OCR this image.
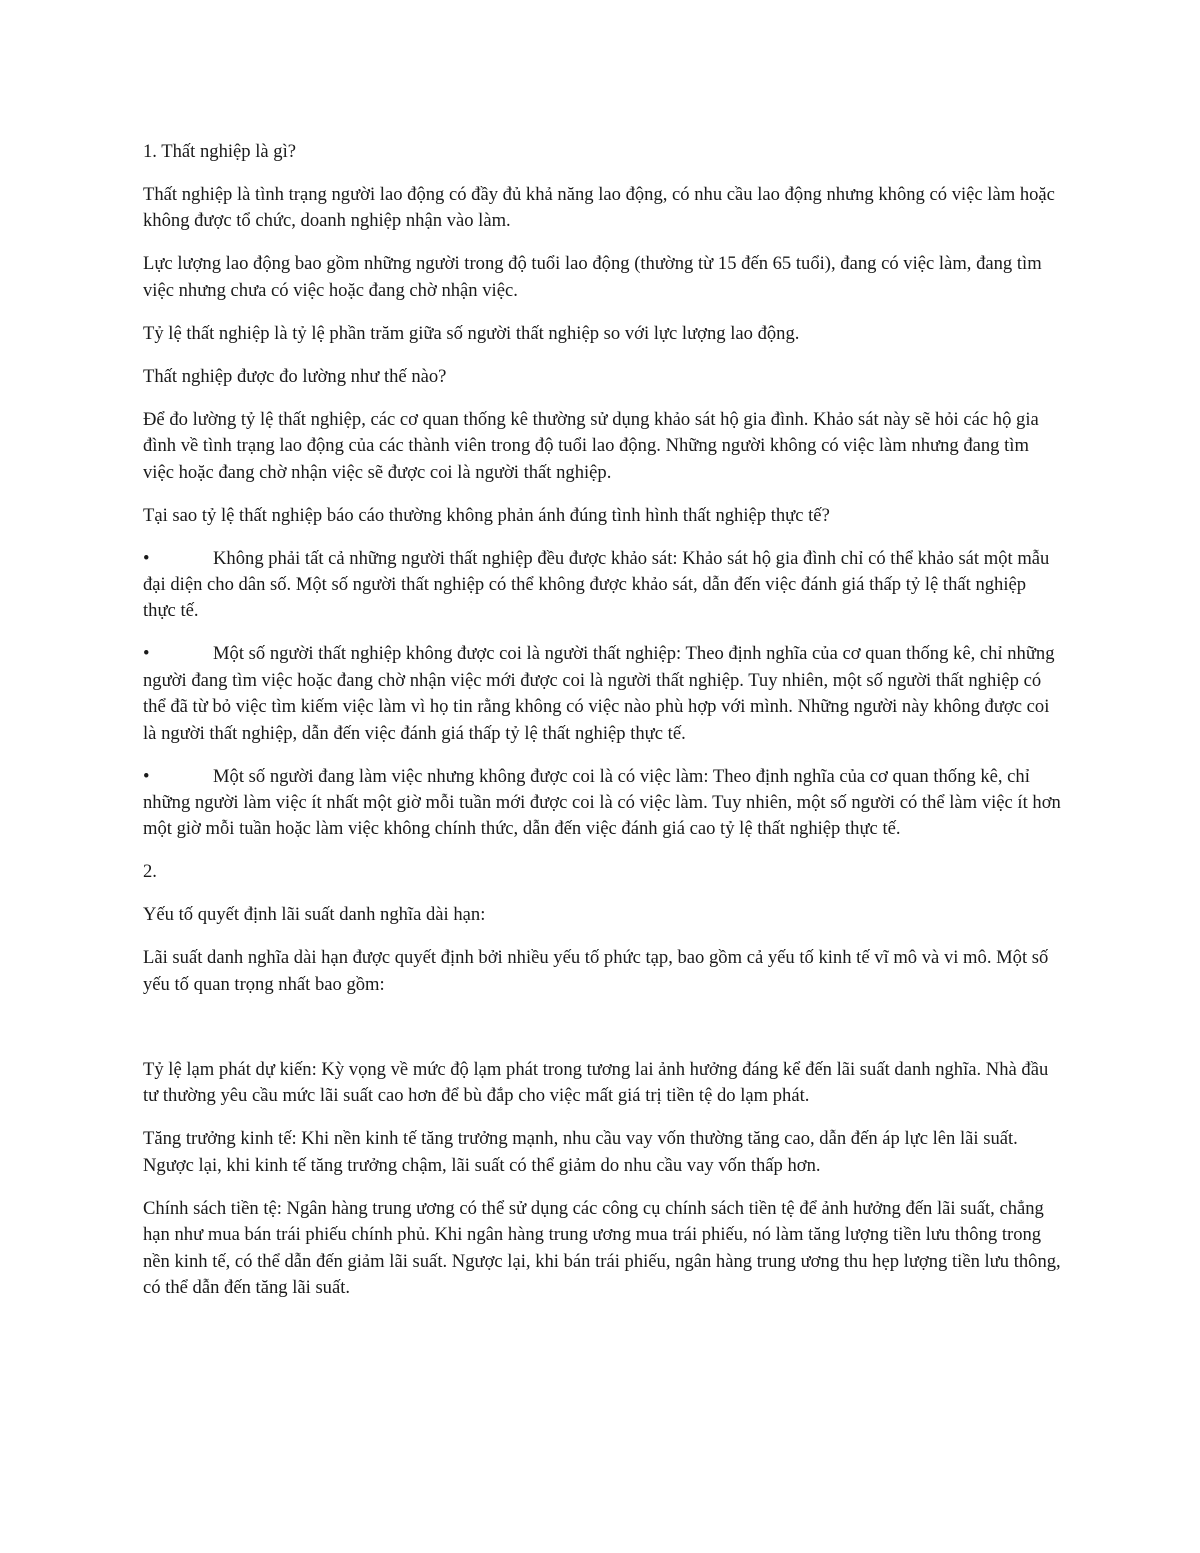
1. Thất nghiệp là gì?

Thất nghiệp là tình trạng người lao động có đầy đủ khả năng lao động, có nhu cầu lao động nhưng không có việc làm hoặc không được tổ chức, doanh nghiệp nhận vào làm.

Lực lượng lao động bao gồm những người trong độ tuổi lao động (thường từ 15 đến 65 tuổi), đang có việc làm, đang tìm việc nhưng chưa có việc hoặc đang chờ nhận việc.

Tỷ lệ thất nghiệp là tỷ lệ phần trăm giữa số người thất nghiệp so với lực lượng lao động.

Thất nghiệp được đo lường như thế nào?

Để đo lường tỷ lệ thất nghiệp, các cơ quan thống kê thường sử dụng khảo sát hộ gia đình. Khảo sát này sẽ hỏi các hộ gia đình về tình trạng lao động của các thành viên trong độ tuổi lao động. Những người không có việc làm nhưng đang tìm việc hoặc đang chờ nhận việc sẽ được coi là người thất nghiệp.

Tại sao tỷ lệ thất nghiệp báo cáo thường không phản ánh đúng tình hình thất nghiệp thực tế?

•	Không phải tất cả những người thất nghiệp đều được khảo sát: Khảo sát hộ gia đình chỉ có thể khảo sát một mẫu đại diện cho dân số. Một số người thất nghiệp có thể không được khảo sát, dẫn đến việc đánh giá thấp tỷ lệ thất nghiệp thực tế.

•	Một số người thất nghiệp không được coi là người thất nghiệp: Theo định nghĩa của cơ quan thống kê, chỉ những người đang tìm việc hoặc đang chờ nhận việc mới được coi là người thất nghiệp. Tuy nhiên, một số người thất nghiệp có thể đã từ bỏ việc tìm kiếm việc làm vì họ tin rằng không có việc nào phù hợp với mình. Những người này không được coi là người thất nghiệp, dẫn đến việc đánh giá thấp tỷ lệ thất nghiệp thực tế.

•	Một số người đang làm việc nhưng không được coi là có việc làm: Theo định nghĩa của cơ quan thống kê, chỉ những người làm việc ít nhất một giờ mỗi tuần mới được coi là có việc làm. Tuy nhiên, một số người có thể làm việc ít hơn một giờ mỗi tuần hoặc làm việc không chính thức, dẫn đến việc đánh giá cao tỷ lệ thất nghiệp thực tế.

2.

Yếu tố quyết định lãi suất danh nghĩa dài hạn:

Lãi suất danh nghĩa dài hạn được quyết định bởi nhiều yếu tố phức tạp, bao gồm cả yếu tố kinh tế vĩ mô và vi mô. Một số yếu tố quan trọng nhất bao gồm:

Tỷ lệ lạm phát dự kiến: Kỳ vọng về mức độ lạm phát trong tương lai ảnh hưởng đáng kể đến lãi suất danh nghĩa. Nhà đầu tư thường yêu cầu mức lãi suất cao hơn để bù đắp cho việc mất giá trị tiền tệ do lạm phát.

Tăng trưởng kinh tế: Khi nền kinh tế tăng trưởng mạnh, nhu cầu vay vốn thường tăng cao, dẫn đến áp lực lên lãi suất. Ngược lại, khi kinh tế tăng trưởng chậm, lãi suất có thể giảm do nhu cầu vay vốn thấp hơn.

Chính sách tiền tệ: Ngân hàng trung ương có thể sử dụng các công cụ chính sách tiền tệ để ảnh hưởng đến lãi suất, chẳng hạn như mua bán trái phiếu chính phủ. Khi ngân hàng trung ương mua trái phiếu, nó làm tăng lượng tiền lưu thông trong nền kinh tế, có thể dẫn đến giảm lãi suất. Ngược lại, khi bán trái phiếu, ngân hàng trung ương thu hẹp lượng tiền lưu thông, có thể dẫn đến tăng lãi suất.
